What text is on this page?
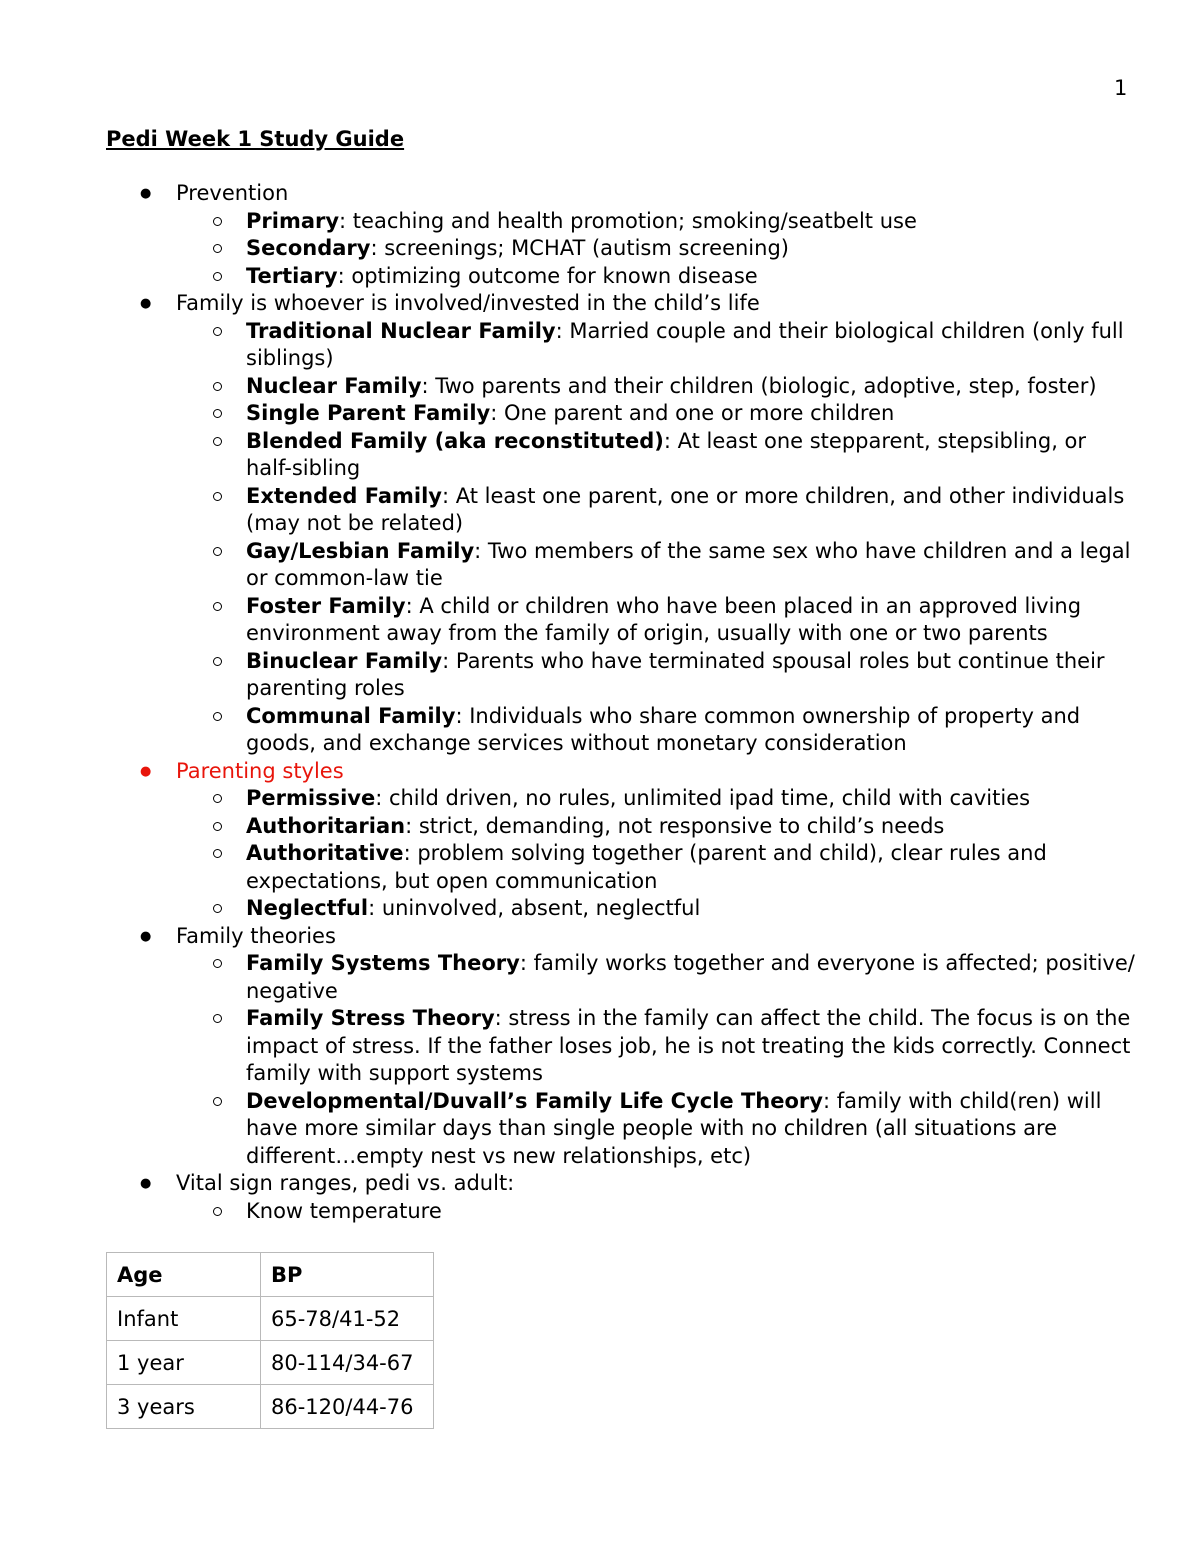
1
Pedi Week 1 Study Guide
● Prevention
Primary: teaching and health promotion; smoking/seatbelt use
Secondary: screenings; MCHAT (autism screening)
Tertiary: optimizing outcome for known disease
● Family is whoever is involved/invested in the child’s life
Traditional Nuclear Family: Married couple and their biological children (only full siblings)
Nuclear Family: Two parents and their children (biologic, adoptive, step, foster)
Single Parent Family: One parent and one or more children
Blended Family (aka reconstituted): At least one stepparent, stepsibling, or half-sibling
Extended Family: At least one parent, one or more children, and other individuals (may not be related)
Gay/Lesbian Family: Two members of the same sex who have children and a legal or common-law tie
Foster Family: A child or children who have been placed in an approved living environment away from the family of origin, usually with one or two parents
Binuclear Family: Parents who have terminated spousal roles but continue their parenting roles
Communal Family: Individuals who share common ownership of property and goods, and exchange services without monetary consideration
● Parenting styles
Permissive: child driven, no rules, unlimited ipad time, child with cavities
Authoritarian: strict, demanding, not responsive to child’s needs
Authoritative: problem solving together (parent and child), clear rules and expectations, but open communication
Neglectful: uninvolved, absent, neglectful
● Family theories
Family Systems Theory: family works together and everyone is affected; positive/ negative
Family Stress Theory: stress in the family can affect the child. The focus is on the impact of stress. If the father loses job, he is not treating the kids correctly. Connect family with support systems
Developmental/Duvall’s Family Life Cycle Theory: family with child(ren) will have more similar days than single people with no children (all situations are different…empty nest vs new relationships, etc)
● Vital sign ranges, pedi vs. adult:
Know temperature
Age	BP
Infant	65-78/41-52
1 year	80-114/34-67
3 years	86-120/44-76
